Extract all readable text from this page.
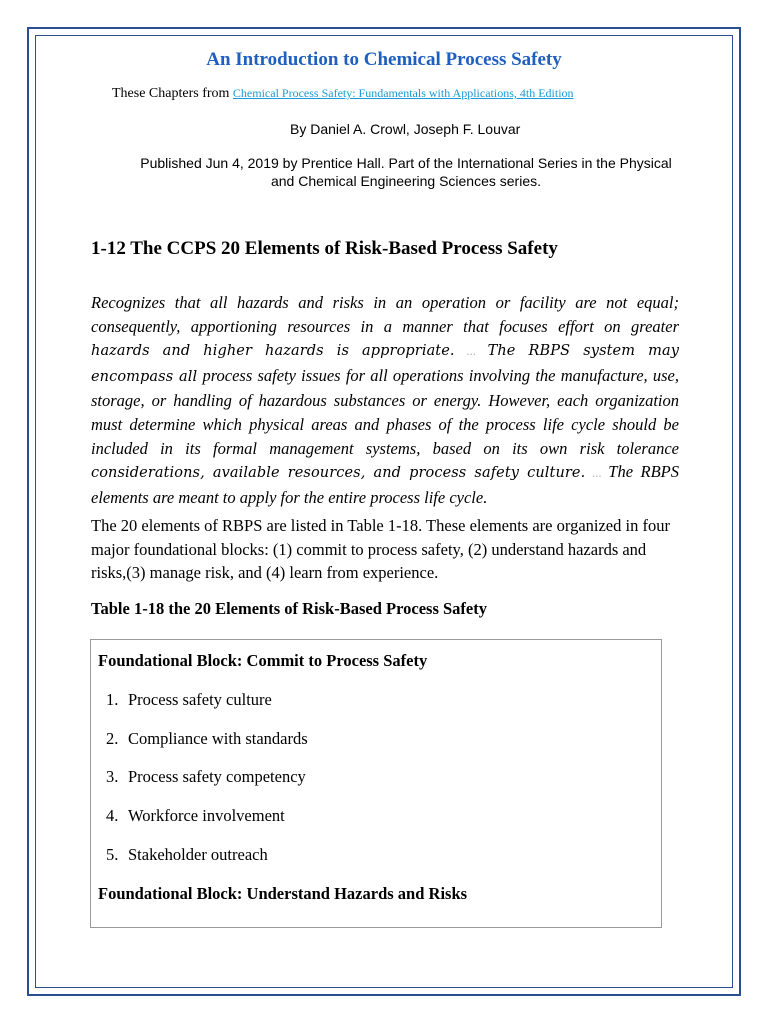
An Introduction to Chemical Process Safety
These Chapters from Chemical Process Safety: Fundamentals with Applications, 4th Edition
By Daniel A. Crowl, Joseph F. Louvar
Published Jun 4, 2019 by Prentice Hall. Part of the International Series in the Physical
and Chemical Engineering Sciences series.
1-12 The CCPS 20 Elements of Risk-Based Process Safety
Recognizes that all hazards and risks in an operation or facility are not equal; consequently, apportioning resources in a manner that focuses effort on greater hazards and higher hazards is appropriate. ... The RBPS system may encompass all process safety issues for all operations involving the manufacture, use, storage, or handling of hazardous substances or energy. However, each organization must determine which physical areas and phases of the process life cycle should be included in its formal management systems, based on its own risk tolerance considerations, available resources, and process safety culture. ... The RBPS elements are meant to apply for the entire process life cycle.
The 20 elements of RBPS are listed in Table 1-18. These elements are organized in four major foundational blocks: (1) commit to process safety, (2) understand hazards and risks,(3) manage risk, and (4) learn from experience.
Table 1-18 the 20 Elements of Risk-Based Process Safety
Foundational Block: Commit to Process Safety
1. Process safety culture
2. Compliance with standards
3. Process safety competency
4. Workforce involvement
5. Stakeholder outreach
Foundational Block: Understand Hazards and Risks
